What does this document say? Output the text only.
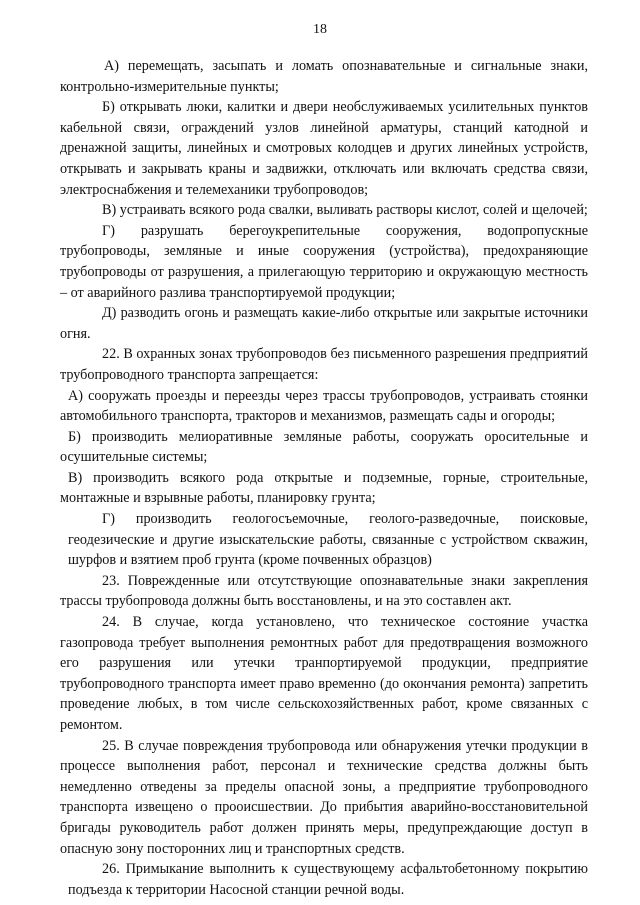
18

А) перемещать, засыпать и ломать опознавательные и сигнальные знаки, контрольно-измерительные пункты;

Б) открывать люки, калитки и двери необслуживаемых усилительных пунктов кабельной связи, ограждений узлов линейной арматуры, станций катодной и дренажной защиты, линейных и смотровых колодцев и других линейных устройств, открывать и закрывать краны и задвижки, отключать или включать средства связи, электроснабжения и телемеханики трубопроводов;

В) устраивать всякого рода свалки, выливать растворы кислот, солей и щелочей;

Г) разрушать берегоукрепительные сооружения, водопропускные трубопроводы, земляные и иные сооружения (устройства), предохраняющие трубопроводы от разрушения, а прилегающую территорию и окружающую местность – от аварийного разлива транспортируемой продукции;

Д) разводить огонь и размещать какие-либо открытые или закрытые источники огня.

22. В охранных зонах трубопроводов без письменного разрешения предприятий трубопроводного транспорта запрещается:

А) сооружать проезды и переезды через трассы трубопроводов, устраивать стоянки автомобильного транспорта, тракторов и механизмов, размещать сады и огороды;

Б) производить мелиоративные земляные работы, сооружать оросительные и осушительные системы;

В) производить всякого рода открытые и подземные, горные, строительные, монтажные и взрывные работы, планировку грунта;

Г) производить геологосъемочные, геолого-разведочные, поисковые, геодезические и другие изыскательские работы, связанные с устройством скважин, шурфов и взятием проб грунта (кроме почвенных образцов)

23. Поврежденные или отсутствующие опознавательные знаки закрепления трассы трубопровода должны быть восстановлены, и на это составлен акт.

24. В случае, когда установлено, что техническое состояние участка газопровода требует выполнения ремонтных работ для предотвращения возможного его разрушения или утечки транпортируемой продукции, предприятие трубопроводного транспорта имеет право временно (до окончания ремонта) запретить проведение любых, в том числе сельскохозяйственных работ, кроме связанных с ремонтом.

25. В случае повреждения трубопровода или обнаружения утечки продукции в процессе выполнения работ, персонал и технические средства должны быть немедленно отведены за пределы опасной зоны, а предприятие трубопроводного транспорта извещено о прооисшествии. До прибытия аварийно-восстановительной бригады руководитель работ должен принять меры, предупреждающие доступ в опасную зону посторонних лиц и транспортных средств.

26. Примыкание выполнить к существующему асфальтобетонному покрытию подъезда к территории Насосной станции речной воды.
